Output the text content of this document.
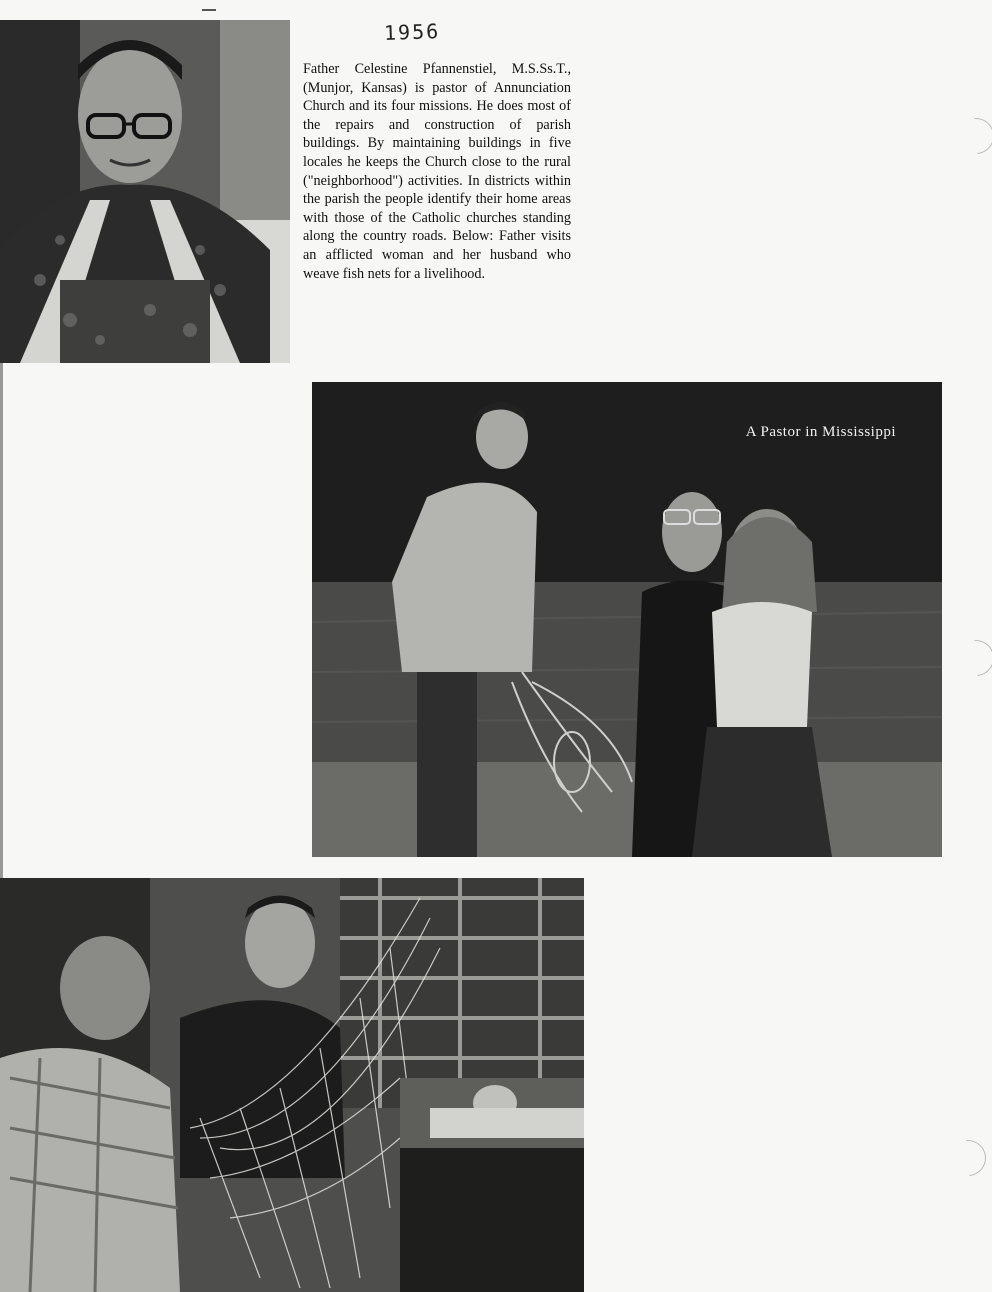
1956
Father Celestine Pfannenstiel, M.S.Ss.T., (Munjor, Kansas) is pastor of Annunciation Church and its four missions. He does most of the repairs and construction of parish buildings. By maintaining buildings in five locales he keeps the Church close to the rural ("neighborhood") activities. In districts within the parish the people identify their home areas with those of the Catholic churches standing along the country roads. Below: Father visits an afflicted woman and her husband who weave fish nets for a livelihood.
A Pastor in Mississippi
